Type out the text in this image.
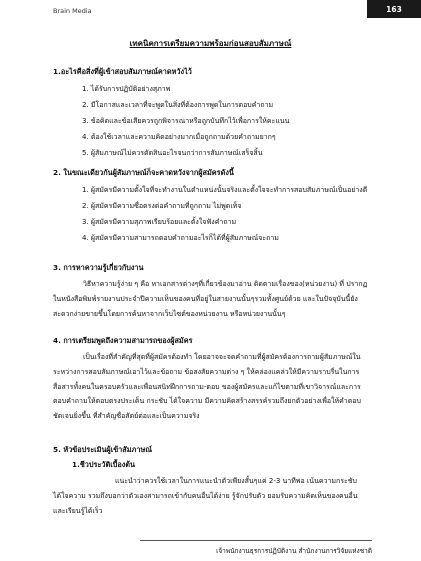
Brain Media	163
เทคนิคการเตรียมความพร้อมก่อนสอบสัมภาษณ์
1.อะไรคือสิ่งที่ผู้เข้าสอบสัมภาษณ์คาดหวังไว้
1. ได้รับการปฏิบัติอย่างสุภาพ
2. มีโอกาสและเวลาที่จะพูดในสิ่งที่ต้องการพูดในการตอบคำถาม
3. ข้อคิดและข้อเสียควรถูกพิจารณาหรือถูกบันทึกไว้เพื่อการให้คะแนน
4. ต้องใช้เวลาและความคิดอย่างมากเมื่อถูกถามด้วยคำถามยากๆ
5. ผู้สัมภาษณ์ไม่ควรตัดสินอะไรจนกว่าการสัมภาษณ์เสร็จสิ้น
2. ในขณะเดียวกันผู้สัมภาษณ์ก็จะคาดหวังจากผู้สมัครดังนี้
1. ผู้สมัครมีความตั้งใจที่จะทำงานในตำแหน่งนั้นจริงและตั้งใจจะทำการสอบสัมภาษณ์เป็นอย่างดี
2. ผู้สมัครมีความซื่อตรงต่อคำถามที่ถูกถาม ไม่พูดเท็จ
3. ผู้สมัครมีความสุภาพเรียบร้อยและตั้งใจฟังคำถาม
4. ผู้สมัครมีความสามารถตอบคำถามอะไรก็ได้ที่ผู้สัมภาษณ์จะถาม
3. การหาความรู้เกี่ยวกับงาน

วิธีหาความรู้ง่าย ๆ คือ หาเอกสารต่างๆที่เกี่ยวข้องมาอ่าน ติดตามเรื่องของ(หน่วยงาน) ที่ ปรากฏในหนังสือพิมพ์รายงานประจำปีความเห็นของคนที่อยู่ในสายงานนั้นๆรวมทั้งศูนย์ด้วย และในปัจจุบันนี้ยังสะดวกง่ายขายขึ้นโดยการค้นหาจากเว็บไซต์ของหน่วยงาน หรือหน่วยงานนั้นๆ

4. การเตรียมพูดถึงความสามารถของผู้สมัคร

เป็นเรื่องที่สำคัญที่สุดที่ผู้สมัครต้องทำ โดยอาจจะจดคำถามที่ผู้สมัครต้องการถามผู้สัมภาษณ์ในระหว่างการสอบสัมภาษณ์เอาไว้และข้อถาม ข้อสงสัยความต่าง ๆ ให้คล่องแคล่วให้มีความราบรื่นในการสื่อสารทั้งคนในครอบครัวและเพื่อนสนิทฝึกการถาม-ตอบ ของผู้สมัครและแก้ไขตามที่เขาวิจารณ์และการตอบคำถามให้ตอบตรงประเด็น กระชับ ได้ใจความ มีความคิดสร้างสรรค์รวมถึงยกตัวอย่างเพื่อให้คำตอบชัดเจนยิ่งขึ้น ที่สำคัญซื่อสัตย์ต่อและเป็นความจริง

5. หัวข้อประเมินผู้เข้าสัมภาษณ์
1.ชีวประวัติเบื้องต้น

แนะนำว่าควรใช้เวลาในการแนะนำตัวเพียงสั้นๆแค่ 2-3 นาทีพอ เน้นความกระชับได้ใจความ รวมถึงบอกว่าตัวเองสามารถเข้ากับคนอื่นได้ง่าย รู้จักปรับตัว ยอมรับความคิดเห็นของคนอื่น และเรียนรู้ได้เร็ว

เจ้าพนักงานธุรการปฏิบัติงาน สำนักงานการวิจัยแห่งชาติ
